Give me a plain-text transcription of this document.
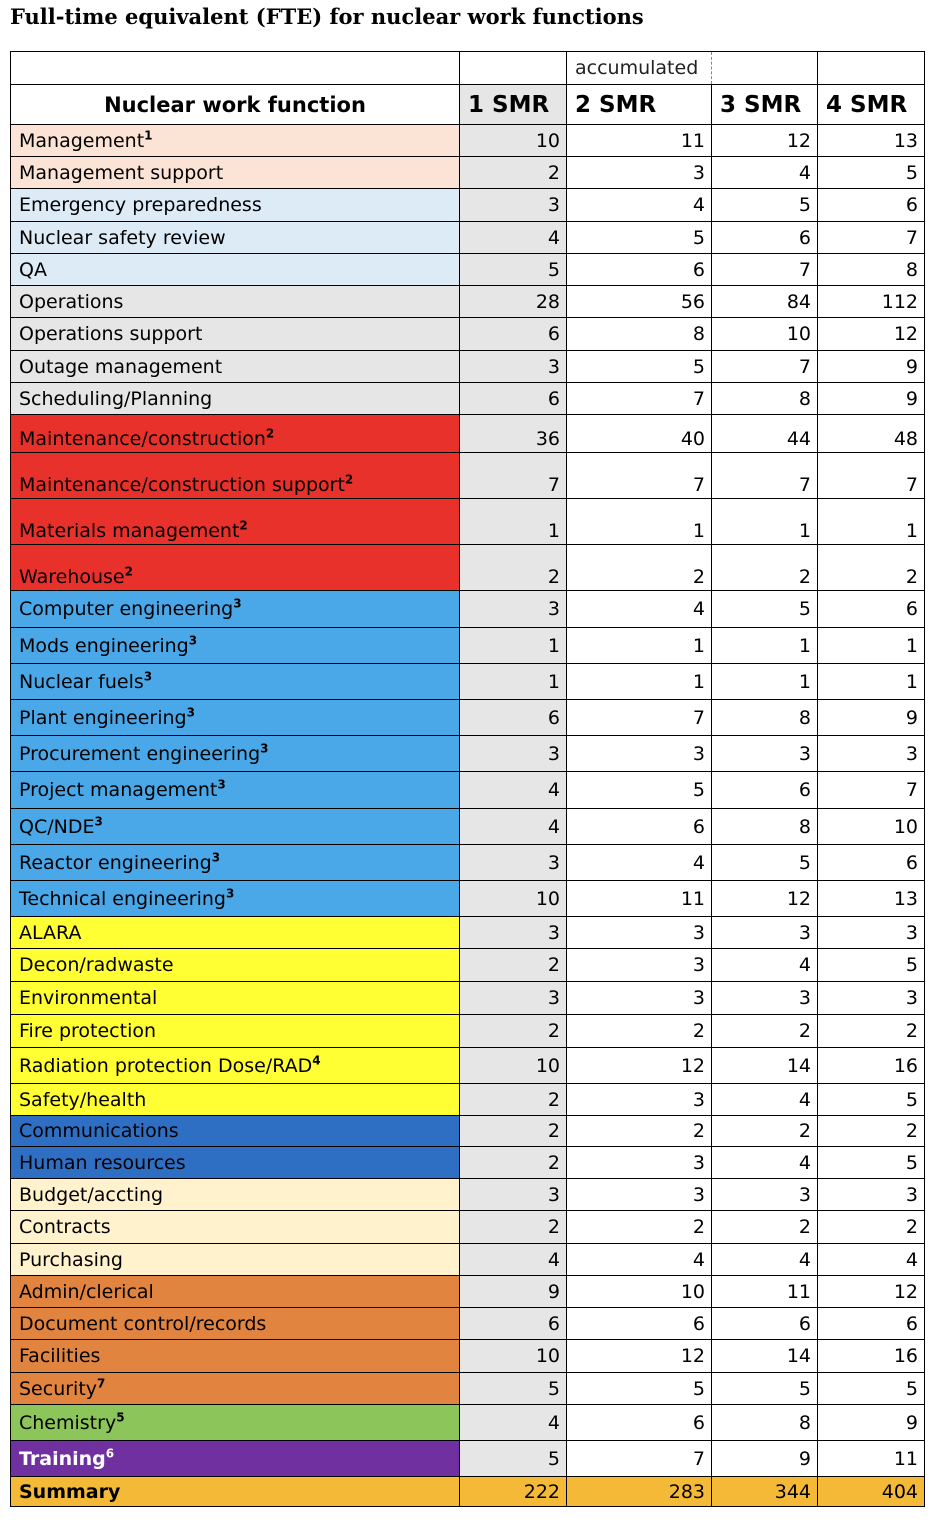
Full-time equivalent (FTE) for nuclear work functions
		accumulated		
Nuclear work function	1 SMR	2 SMR	3 SMR	4 SMR
Management$^1$	10	11	12	13
Management support	2	3	4	5
Emergency preparedness	3	4	5	6
Nuclear safety review	4	5	6	7
QA	5	6	7	8
Operations	28	56	84	112
Operations support	6	8	10	12
Outage management	3	5	7	9
Scheduling/Planning	6	7	8	9
Maintenance/construction$^2$	36	40	44	48
Maintenance/construction support$^2$	7	7	7	7
Materials management$^2$	1	1	1	1
Warehouse$^2$	2	2	2	2
Computer engineering$^3$	3	4	5	6
Mods engineering$^3$	1	1	1	1
Nuclear fuels$^3$	1	1	1	1
Plant engineering$^3$	6	7	8	9
Procurement engineering$^3$	3	3	3	3
Project management$^3$	4	5	6	7
QC/NDE$^3$	4	6	8	10
Reactor engineering$^3$	3	4	5	6
Technical engineering$^3$	10	11	12	13
ALARA	3	3	3	3
Decon/radwaste	2	3	4	5
Environmental	3	3	3	3
Fire protection	2	2	2	2
Radiation protection Dose/RAD$^4$	10	12	14	16
Safety/health	2	3	4	5
Communications	2	2	2	2
Human resources	2	3	4	5
Budget/accting	3	3	3	3
Contracts	2	2	2	2
Purchasing	4	4	4	4
Admin/clerical	9	10	11	12
Document control/records	6	6	6	6
Facilities	10	12	14	16
Security$^7$	5	5	5	5
Chemistry$^5$	4	6	8	9
Training$^6$	5	7	9	11
Summary	222	283	344	404
